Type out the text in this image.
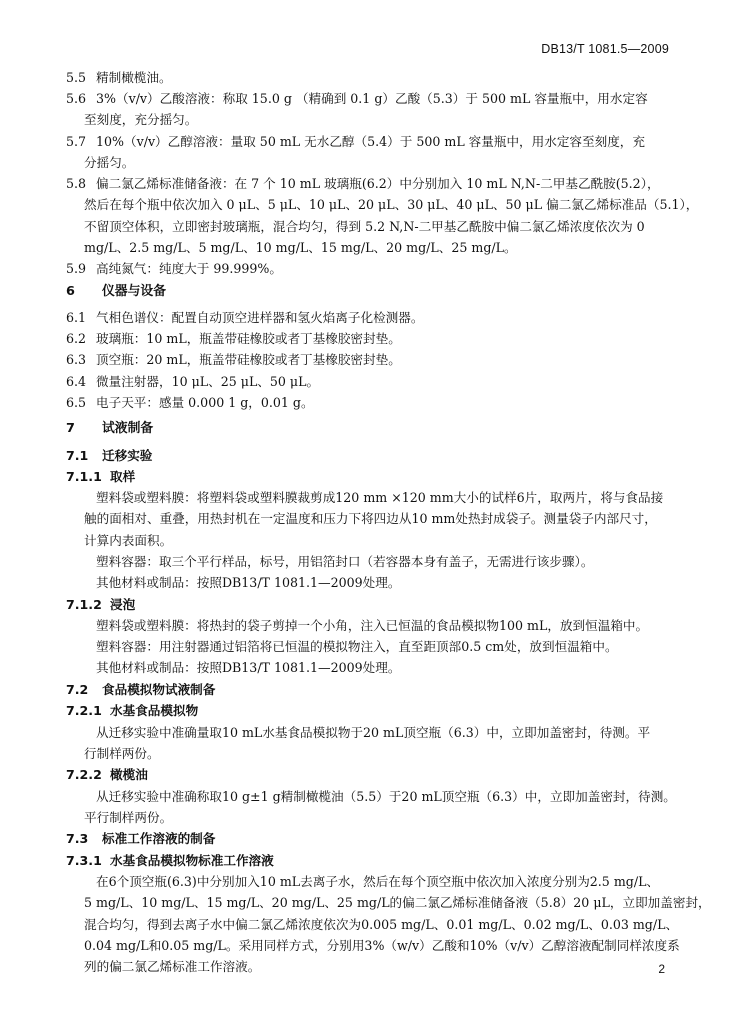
DB13/T 1081.5—2009
5.5 精制橄榄油。
5.6 3%（v/v）乙酸溶液：称取 15.0 g （精确到 0.1 g）乙酸（5.3）于 500 mL 容量瓶中，用水定容
至刻度，充分摇匀。
5.7 10%（v/v）乙醇溶液：量取 50 mL 无水乙醇（5.4）于 500 mL 容量瓶中，用水定容至刻度，充
分摇匀。
5.8 偏二氯乙烯标准储备液：在 7 个 10 mL 玻璃瓶(6.2）中分别加入 10 mL N,N-二甲基乙酰胺(5.2），
然后在每个瓶中依次加入 0 μL、5 μL、10 μL、20 μL、30 μL、40 μL、50 μL 偏二氯乙烯标准品（5.1），
不留顶空体积，立即密封玻璃瓶，混合均匀，得到 5.2 N,N-二甲基乙酰胺中偏二氯乙烯浓度依次为 0
mg/L、2.5 mg/L、5 mg/L、10 mg/L、15 mg/L、20 mg/L、25 mg/L。
5.9 高纯氮气：纯度大于 99.999%。
6 仪器与设备
6.1 气相色谱仪：配置自动顶空进样器和氢火焰离子化检测器。
6.2 玻璃瓶：10 mL，瓶盖带硅橡胶或者丁基橡胶密封垫。
6.3 顶空瓶：20 mL，瓶盖带硅橡胶或者丁基橡胶密封垫。
6.4 微量注射器，10 μL、25 μL、50 μL。
6.5 电子天平：感量 0.000 1 g，0.01 g。
7 试液制备
7.1 迁移实验
7.1.1 取样
塑料袋或塑料膜：将塑料袋或塑料膜裁剪成120 mm ×120 mm大小的试样6片，取两片，将与食品接
触的面相对、重叠，用热封机在一定温度和压力下将四边从10 mm处热封成袋子。测量袋子内部尺寸，
计算内表面积。
塑料容器：取三个平行样品，标号，用铝箔封口（若容器本身有盖子，无需进行该步骤）。
其他材料或制品：按照DB13/T 1081.1—2009处理。
7.1.2 浸泡
塑料袋或塑料膜：将热封的袋子剪掉一个小角，注入已恒温的食品模拟物100 mL，放到恒温箱中。
塑料容器：用注射器通过铝箔将已恒温的模拟物注入，直至距顶部0.5 cm处，放到恒温箱中。
其他材料或制品：按照DB13/T 1081.1—2009处理。
7.2 食品模拟物试液制备
7.2.1 水基食品模拟物
从迁移实验中准确量取10 mL水基食品模拟物于20 mL顶空瓶（6.3）中，立即加盖密封，待测。平
行制样两份。
7.2.2 橄榄油
从迁移实验中准确称取10 g±1 g精制橄榄油（5.5）于20 mL顶空瓶（6.3）中，立即加盖密封，待测。
平行制样两份。
7.3 标准工作溶液的制备
7.3.1 水基食品模拟物标准工作溶液
在6个顶空瓶(6.3)中分别加入10 mL去离子水，然后在每个顶空瓶中依次加入浓度分别为2.5 mg/L、
5 mg/L、10 mg/L、15 mg/L、20 mg/L、25 mg/L的偏二氯乙烯标准储备液（5.8）20 μL，立即加盖密封，
混合均匀，得到去离子水中偏二氯乙烯浓度依次为0.005 mg/L、0.01 mg/L、0.02 mg/L、0.03 mg/L、
0.04 mg/L和0.05 mg/L。采用同样方式，分别用3%（w/v）乙酸和10%（v/v）乙醇溶液配制同样浓度系
列的偏二氯乙烯标准工作溶液。	2
